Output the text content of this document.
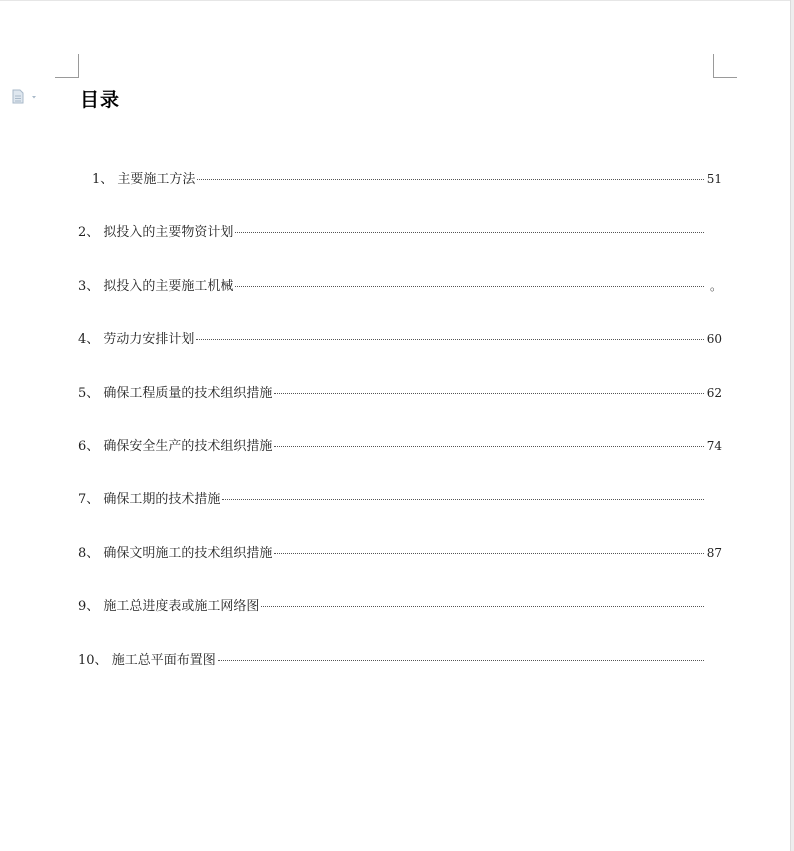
目录
1、 主要施工方法	51
2、 拟投入的主要物资计划
3、 拟投入的主要施工机械	。
4、 劳动力安排计划	60
5、 确保工程质量的技术组织措施	62
6、 确保安全生产的技术组织措施	74
7、 确保工期的技术措施
8、 确保文明施工的技术组织措施	87
9、 施工总进度表或施工网络图
10、 施工总平面布置图
